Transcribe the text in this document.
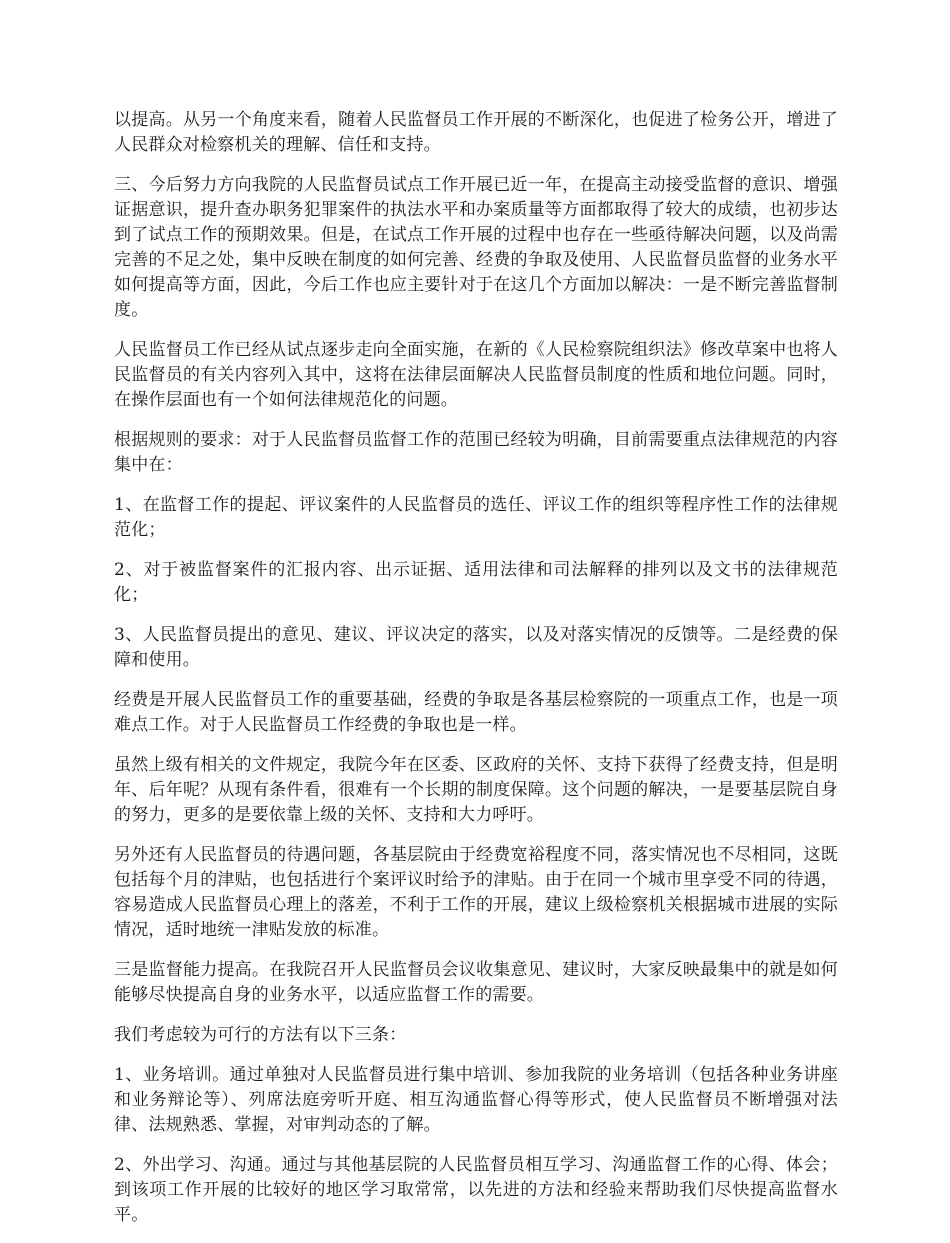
以提高。从另一个角度来看，随着人民监督员工作开展的不断深化，也促进了检务公开，增进了人民群众对检察机关的理解、信任和支持。

三、今后努力方向我院的人民监督员试点工作开展已近一年，在提高主动接受监督的意识、增强证据意识，提升查办职务犯罪案件的执法水平和办案质量等方面都取得了较大的成绩，也初步达到了试点工作的预期效果。但是，在试点工作开展的过程中也存在一些亟待解决问题，以及尚需完善的不足之处，集中反映在制度的如何完善、经费的争取及使用、人民监督员监督的业务水平如何提高等方面，因此，今后工作也应主要针对于在这几个方面加以解决：一是不断完善监督制度。

人民监督员工作已经从试点逐步走向全面实施，在新的《人民检察院组织法》修改草案中也将人民监督员的有关内容列入其中，这将在法律层面解决人民监督员制度的性质和地位问题。同时，在操作层面也有一个如何法律规范化的问题。

根据规则的要求：对于人民监督员监督工作的范围已经较为明确，目前需要重点法律规范的内容集中在：

1、在监督工作的提起、评议案件的人民监督员的选任、评议工作的组织等程序性工作的法律规范化；

2、对于被监督案件的汇报内容、出示证据、适用法律和司法解释的排列以及文书的法律规范化；

3、人民监督员提出的意见、建议、评议决定的落实，以及对落实情况的反馈等。二是经费的保障和使用。

经费是开展人民监督员工作的重要基础，经费的争取是各基层检察院的一项重点工作，也是一项难点工作。对于人民监督员工作经费的争取也是一样。

虽然上级有相关的文件规定，我院今年在区委、区政府的关怀、支持下获得了经费支持，但是明年、后年呢？从现有条件看，很难有一个长期的制度保障。这个问题的解决，一是要基层院自身的努力，更多的是要依靠上级的关怀、支持和大力呼吁。

另外还有人民监督员的待遇问题，各基层院由于经费宽裕程度不同，落实情况也不尽相同，这既包括每个月的津贴，也包括进行个案评议时给予的津贴。由于在同一个城市里享受不同的待遇，容易造成人民监督员心理上的落差，不利于工作的开展，建议上级检察机关根据城市进展的实际情况，适时地统一津贴发放的标准。

三是监督能力提高。在我院召开人民监督员会议收集意见、建议时，大家反映最集中的就是如何能够尽快提高自身的业务水平，以适应监督工作的需要。

我们考虑较为可行的方法有以下三条：

1、业务培训。通过单独对人民监督员进行集中培训、参加我院的业务培训（包括各种业务讲座和业务辩论等）、列席法庭旁听开庭、相互沟通监督心得等形式，使人民监督员不断增强对法律、法规熟悉、掌握，对审判动态的了解。

2、外出学习、沟通。通过与其他基层院的人民监督员相互学习、沟通监督工作的心得、体会；到该项工作开展的比较好的地区学习取常常，以先进的方法和经验来帮助我们尽快提高监督水平。
